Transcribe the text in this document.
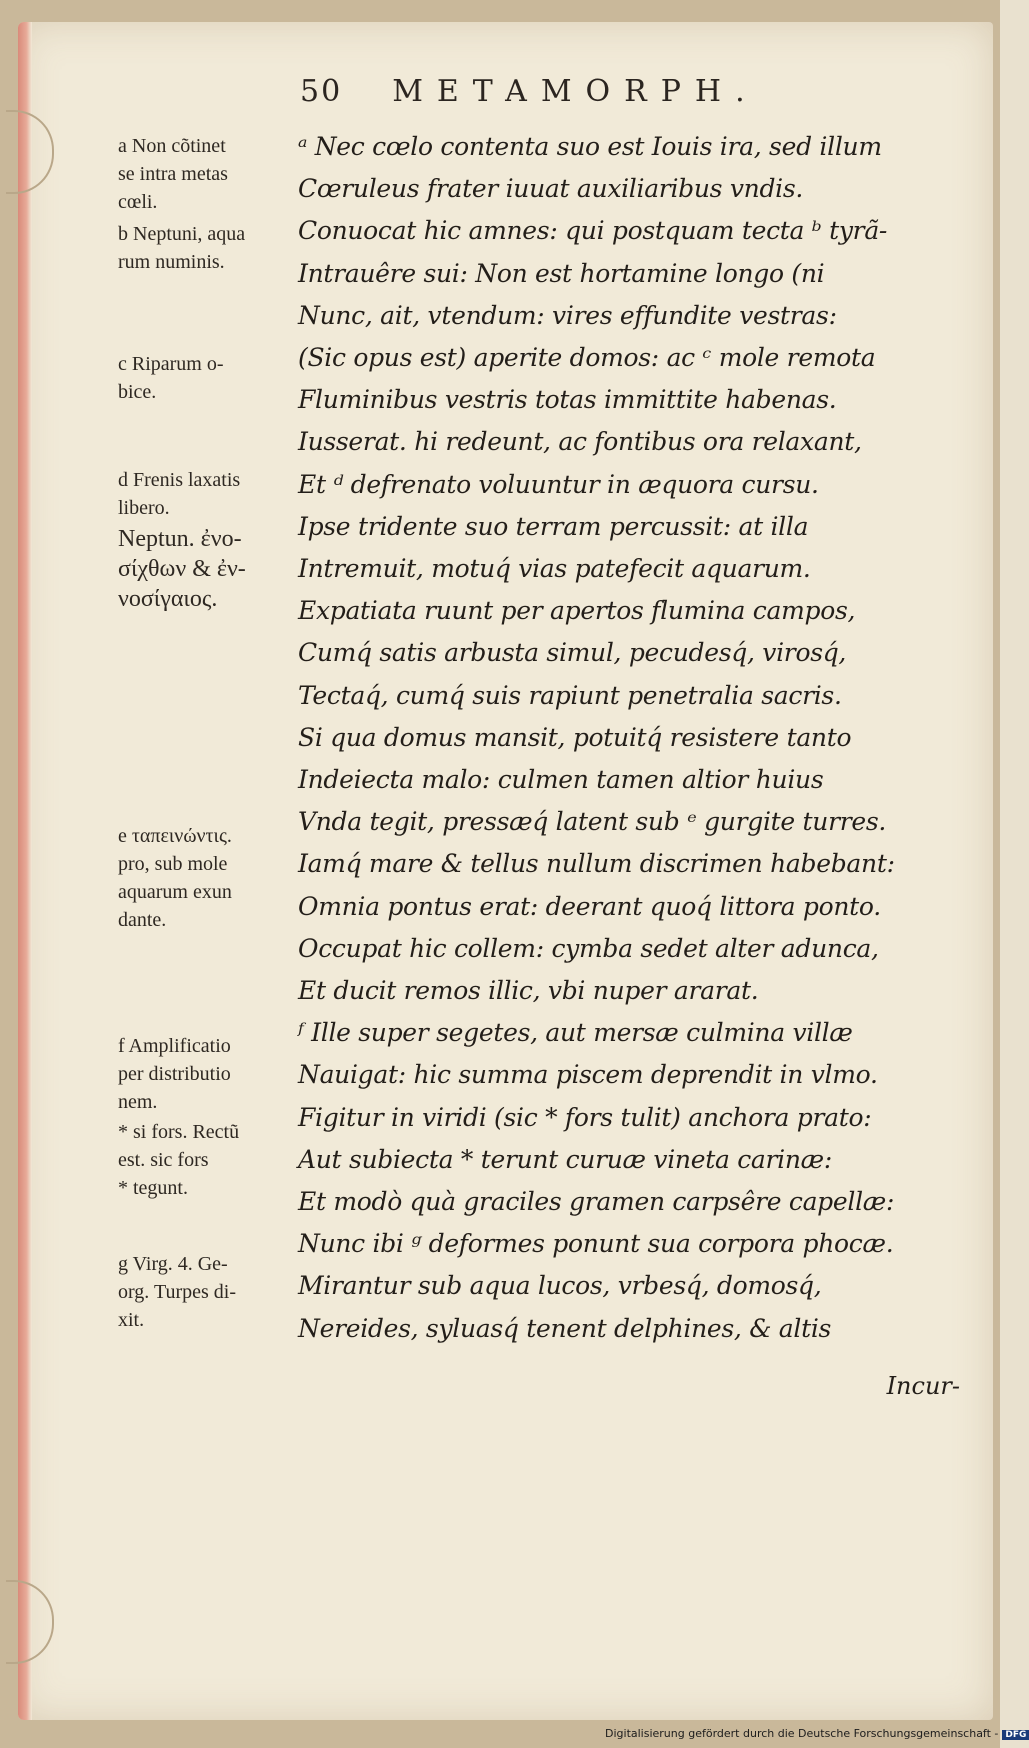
50 METAMORPH.
a Non cõtinet
se intra metas
cœli.
b Neptuni, aqua
rum numinis.
c Riparum o-
bice.
d Frenis laxatis
libero.
Neptun. ἐνο-
σίχθων & ἐν-
νοσίγαιος.
e ταπεινώντις.
pro, sub mole
aquarum exun
dante.
f Amplificatio
per distributio
nem.
* si fors. Rectũ
est. sic fors
* tegunt.
g Virg. 4. Ge-
org. Turpes di-
xit.
ᵃ Nec cœlo contenta suo est Iouis ira, sed illum
Cœruleus frater iuuat auxiliaribus vndis.
Conuocat hic amnes: qui postquam tecta ᵇ tyrã-
Intrauêre sui: Non est hortamine longo (ni
Nunc, ait, vtendum: vires effundite vestras:
(Sic opus est) aperite domos: ac ᶜ mole remota
Fluminibus vestris totas immittite habenas.
Iusserat. hi redeunt, ac fontibus ora relaxant,
Et ᵈ defrenato voluuntur in æquora cursu.
Ipse tridente suo terram percussit: at illa
Intremuit, motuq́ vias patefecit aquarum.
Expatiata ruunt per apertos flumina campos,
Cumq́ satis arbusta simul, pecudesq́, virosq́,
Tectaq́, cumq́ suis rapiunt penetralia sacris.
Si qua domus mansit, potuitq́ resistere tanto
Indeiecta malo: culmen tamen altior huius
Vnda tegit, pressæq́ latent sub ᵉ gurgite turres.
Iamq́ mare & tellus nullum discrimen habebant:
Omnia pontus erat: deerant quoq́ littora ponto.
Occupat hic collem: cymba sedet alter adunca,
Et ducit remos illic, vbi nuper ararat.
ᶠ Ille super segetes, aut mersæ culmina villæ
Nauigat: hic summa piscem deprendit in vlmo.
Figitur in viridi (sic * fors tulit) anchora prato:
Aut subiecta * terunt curuæ vineta carinæ:
Et modò quà graciles gramen carpsêre capellæ:
Nunc ibi ᵍ deformes ponunt sua corpora phocæ.
Mirantur sub aqua lucos, vrbesq́, domosq́,
Nereides, syluasq́ tenent delphines, & altis
Incur-
Digitalisierung gefördert durch die Deutsche Forschungsgemeinschaft - DFG
